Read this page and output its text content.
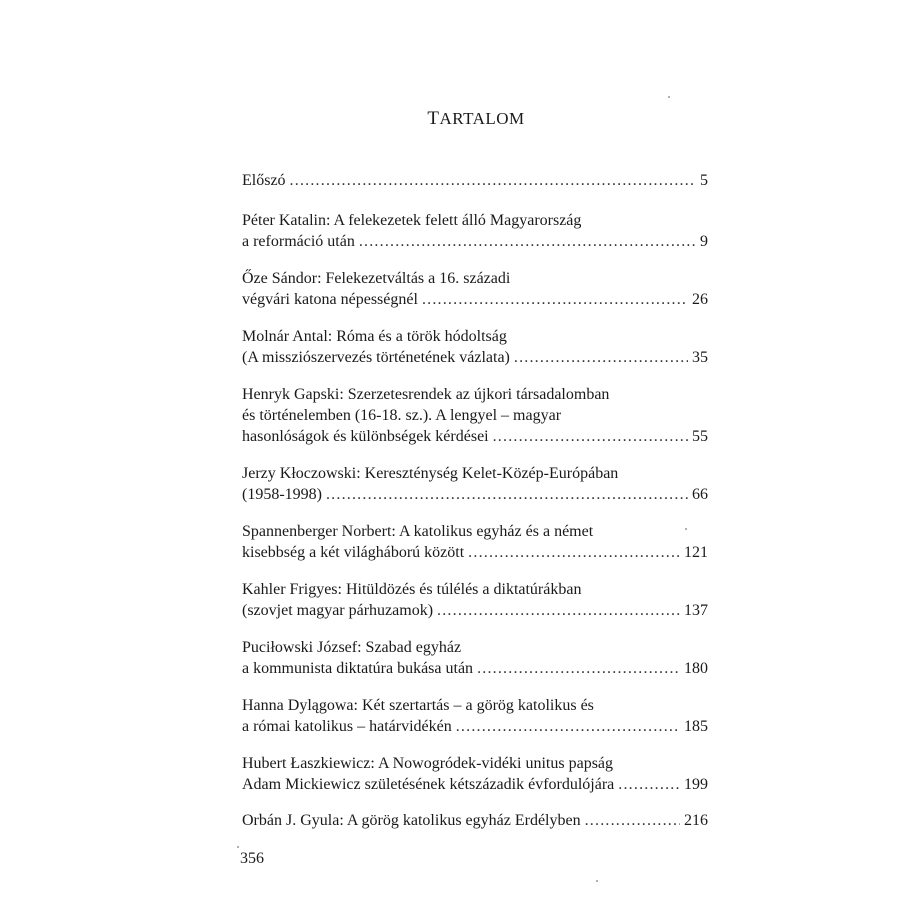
TARTALOM
Előszó .....	5
Péter Katalin: A felekezetek felett álló Magyarország
a reformáció után .....	9
Őze Sándor: Felekezetváltás a 16. századi
végvári katona népességnél .....	26
Molnár Antal: Róma és a török hódoltság
(A missziószervezés történetének vázlata) .....	35
Henryk Gapski: Szerzetesrendek az újkori társadalomban
és történelemben (16-18. sz.). A lengyel – magyar
hasonlóságok és különbségek kérdései .....	55
Jerzy Kłoczowski: Kereszténység Kelet-Közép-Európában
(1958-1998) .....	66
Spannenberger Norbert: A katolikus egyház és a német
kisebbség a két világháború között .....	121
Kahler Frigyes: Hitüldözés és túlélés a diktatúrákban
(szovjet magyar párhuzamok) .....	137
Puciłowski József: Szabad egyház
a kommunista diktatúra bukása után .....	180
Hanna Dylągowa: Két szertartás – a görög katolikus és
a római katolikus – határvidékén .....	185
Hubert Łaszkiewicz: A Nowogródek-vidéki unitus papság
Adam Mickiewicz születésének kétszázadik évfordulójára .....	199
Orbán J. Gyula: A görög katolikus egyház Erdélyben .....	216
356
